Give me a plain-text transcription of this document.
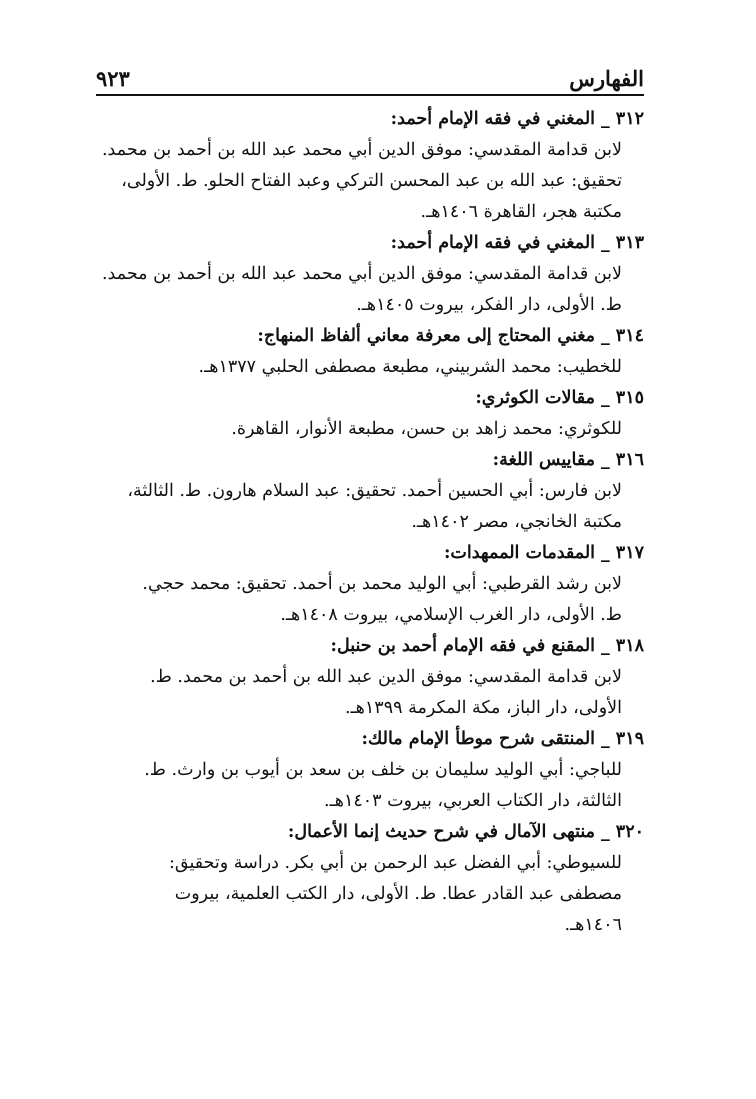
الفهارس
٩٢٣
٣١٢_المغني في فقه الإمام أحمد:
لابن قدامة المقدسي: موفق الدين أبي محمد عبد الله بن أحمد بن محمد.
تحقيق: عبد الله بن عبد المحسن التركي وعبد الفتاح الحلو. ط. الأولى،
مكتبة هجر، القاهرة ١٤٠٦هـ.
٣١٣_المغني في فقه الإمام أحمد:
لابن قدامة المقدسي: موفق الدين أبي محمد عبد الله بن أحمد بن محمد.
ط. الأولى، دار الفكر، بيروت ١٤٠٥هـ.
٣١٤_مغني المحتاج إلى معرفة معاني ألفاظ المنهاج:
للخطيب: محمد الشربيني، مطبعة مصطفى الحلبي ١٣٧٧هـ.
٣١٥_مقالات الكوثري:
للكوثري: محمد زاهد بن حسن، مطبعة الأنوار، القاهرة.
٣١٦_مقاييس اللغة:
لابن فارس: أبي الحسين أحمد. تحقيق: عبد السلام هارون. ط. الثالثة،
مكتبة الخانجي، مصر ١٤٠٢هـ.
٣١٧_المقدمات الممهدات:
لابن رشد القرطبي: أبي الوليد محمد بن أحمد. تحقيق: محمد حجي.
ط. الأولى، دار الغرب الإسلامي، بيروت ١٤٠٨هـ.
٣١٨_المقنع في فقه الإمام أحمد بن حنبل:
لابن قدامة المقدسي: موفق الدين عبد الله بن أحمد بن محمد. ط.
الأولى، دار الباز، مكة المكرمة ١٣٩٩هـ.
٣١٩_المنتقى شرح موطأ الإمام مالك:
للباجي: أبي الوليد سليمان بن خلف بن سعد بن أيوب بن وارث. ط.
الثالثة، دار الكتاب العربي، بيروت ١٤٠٣هـ.
٣٢٠_منتهى الآمال في شرح حديث إنما الأعمال:
للسيوطي: أبي الفضل عبد الرحمن بن أبي بكر. دراسة وتحقيق:
مصطفى عبد القادر عطا. ط. الأولى، دار الكتب العلمية، بيروت
١٤٠٦هـ.
